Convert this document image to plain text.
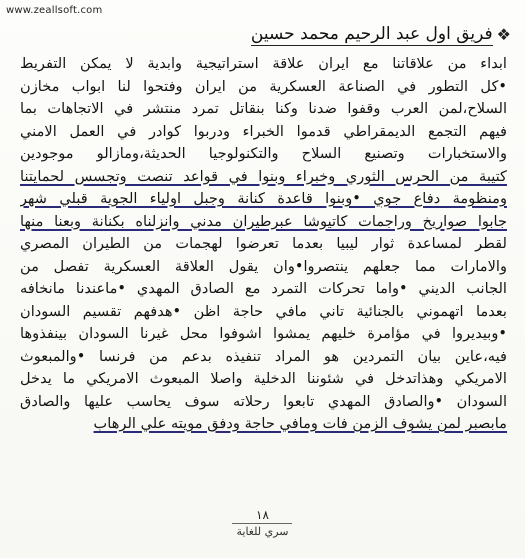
www.zeallsoft.com
❖
فريق اول عبد الرحيم محمد حسين
ابداء من علاقاتنا مع ايران علاقة استراتيجية وابدية لا يمكن التفريط
•كل التطور في الصناعة العسكرية من ايران وفتحوا لنا ابواب مخازن
السلاح،لمن العرب وقفوا ضدنا وكنا بنقاتل تمرد منتشر في الاتجاهات بما
فيهم التجمع الديمقراطي قدموا الخبراء ودربوا كوادر في العمل الامني
والاستخبارات وتصنيع السلاح والتكنولوجيا الحديثة،ومازالو موجودين
كتيبة من الحرس الثوري وخبراء وبنوا في قواعد تنصت وتجسس لحمايتنا
ومنظومة دفاع جوي •وبنوا قاعدة كنانة وجبل اولياء الجوية قبلي شهر
جابوا صواريخ وراجمات كاتيوشا عبرطيران مدني وانزلناه بكنانة وبعنا منها
لقطر لمساعدة ثوار ليبيا بعدما تعرضوا لهجمات من الطيران المصري
والامارات مما جعلهم ينتصروا•وان يقول العلاقة العسكرية تفصل من
الجانب الديني •واما تحركات التمرد مع الصادق المهدي •ماعندنا مانخافه
بعدما اتهموني بالجنائية تاني مافي حاجة اظن •هدفهم تقسيم السودان
•وبيديروا في مؤامرة خليهم يمشوا اشوفوا محل غيرنا السودان بينفذوها
فيه،عاين بيان التمردين هو المراد تنفيذه بدعم من فرنسا •والمبعوث
الامريكي وهذاتدخل في شئوننا الدخلية واصلا المبعوث الامريكي ما يدخل
السودان •والصادق المهدي تابعوا رحلاته سوف يحاسب عليها والصادق
مابصبر لمن يشوف الزمن فات ومافي حاجة ودفق مويته علي الرهاب
١٨
سري للغاية
